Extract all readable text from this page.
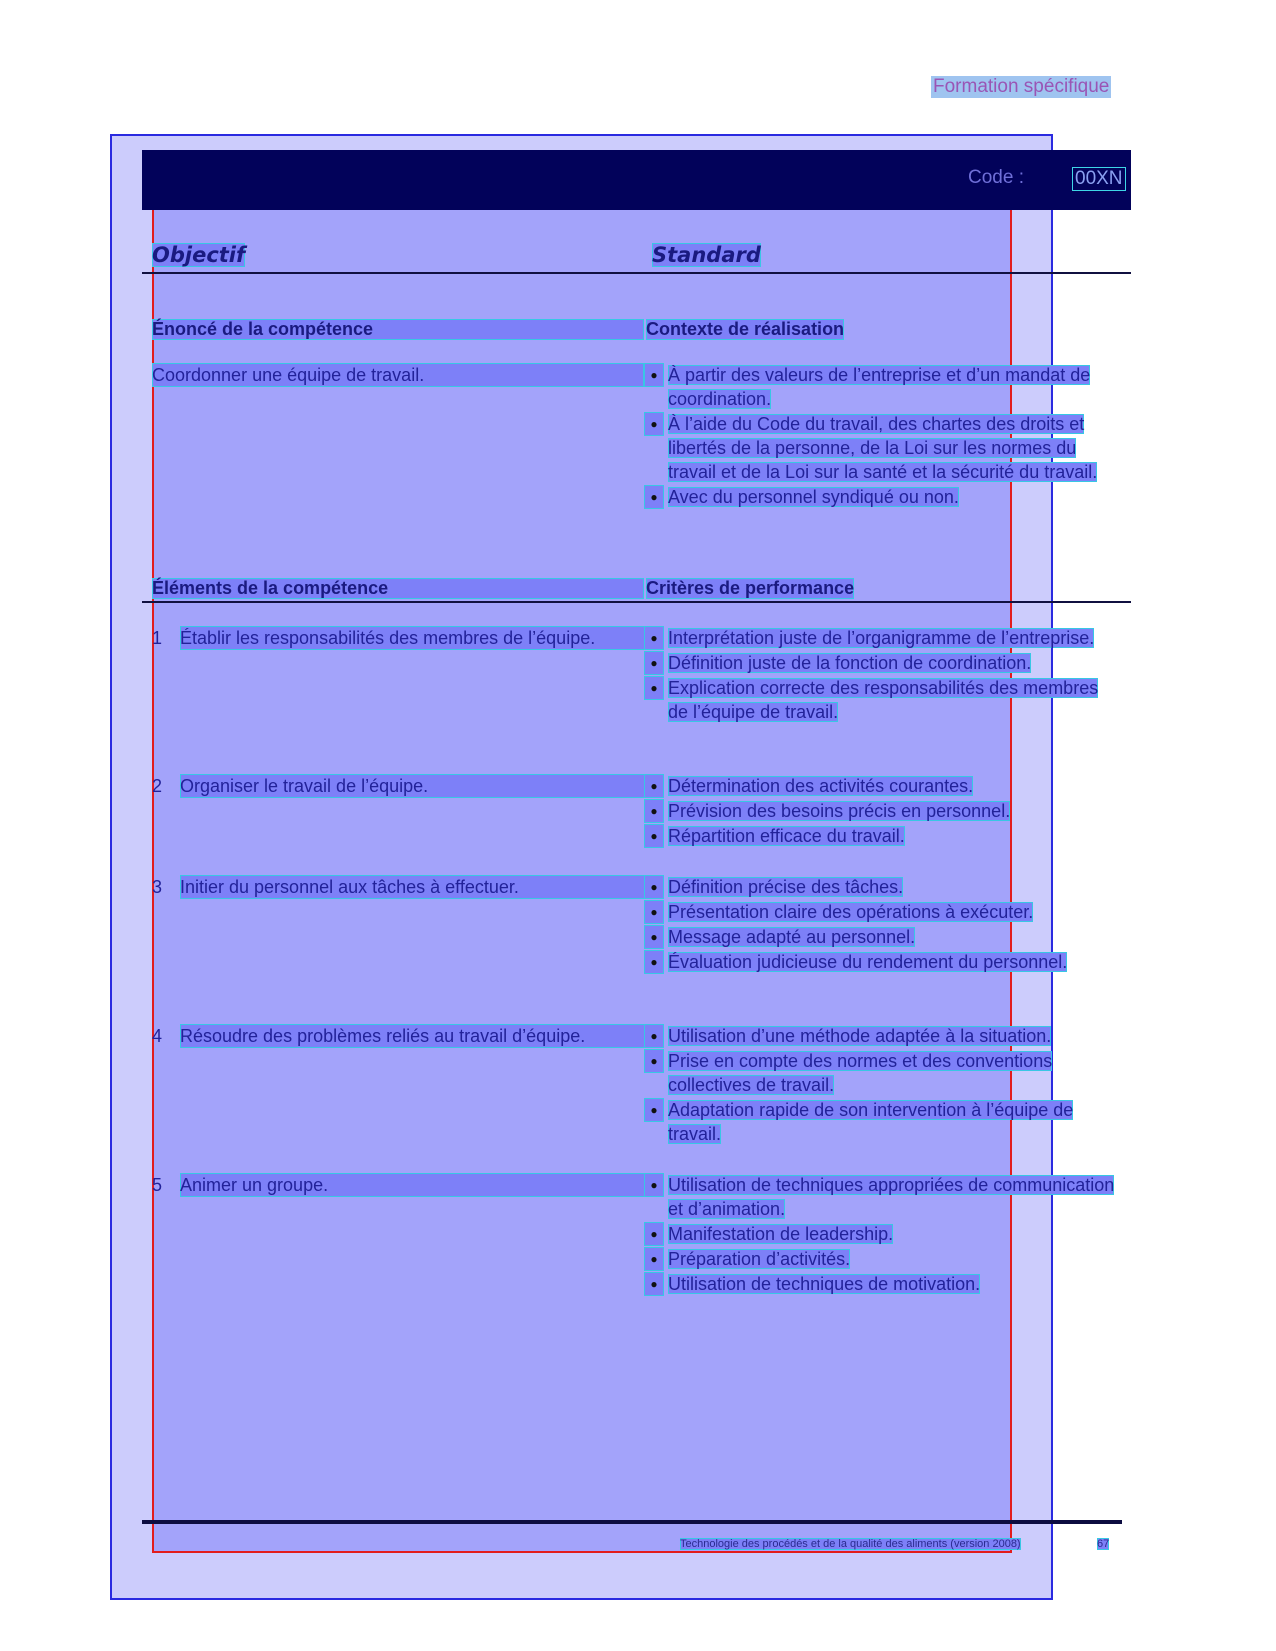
Formation spécifique
Code :	00XN
Objectif	Standard
Énoncé de la compétence	Contexte de réalisation
Coordonner une équipe de travail.	● À partir des valeurs de l’entreprise et d’un mandat de coordination.
● À l’aide du Code du travail, des chartes des droits et libertés de la personne, de la Loi sur les normes du travail et de la Loi sur la santé et la sécurité du travail.
● Avec du personnel syndiqué ou non.
Éléments de la compétence	Critères de performance
1 Établir les responsabilités des membres de l’équipe.	● Interprétation juste de l’organigramme de l’entreprise.
● Définition juste de la fonction de coordination.
● Explication correcte des responsabilités des membres de l’équipe de travail.
2 Organiser le travail de l’équipe.	● Détermination des activités courantes.
● Prévision des besoins précis en personnel.
● Répartition efficace du travail.
3 Initier du personnel aux tâches à effectuer.	● Définition précise des tâches.
● Présentation claire des opérations à exécuter.
● Message adapté au personnel.
● Évaluation judicieuse du rendement du personnel.
4 Résoudre des problèmes reliés au travail d’équipe.	● Utilisation d’une méthode adaptée à la situation.
● Prise en compte des normes et des conventions collectives de travail.
● Adaptation rapide de son intervention à l’équipe de travail.
5 Animer un groupe.	● Utilisation de techniques appropriées de communication et d’animation.
● Manifestation de leadership.
● Préparation d’activités.
● Utilisation de techniques de motivation.
Technologie des procédés et de la qualité des aliments (version 2008)	67
